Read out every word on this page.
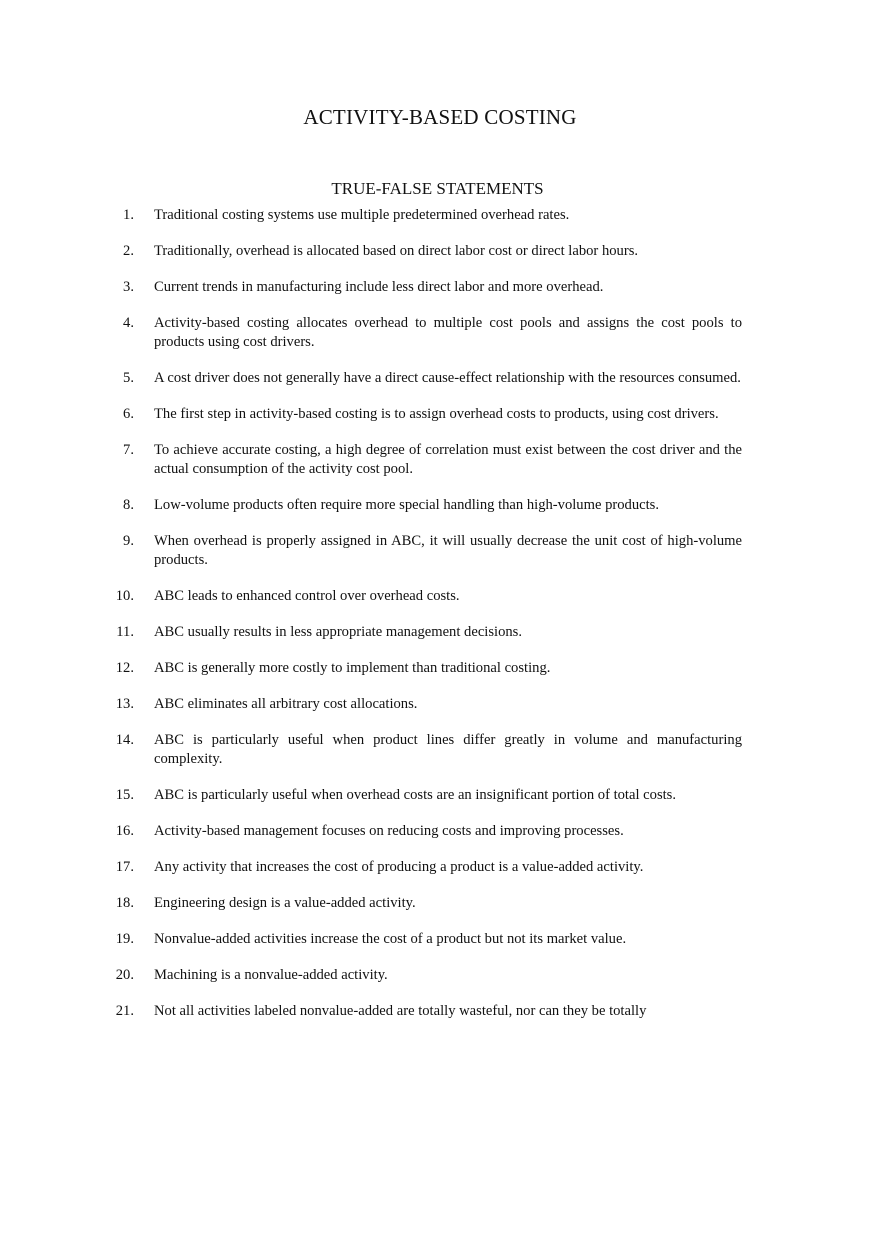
ACTIVITY-BASED COSTING
TRUE-FALSE STATEMENTS
1. Traditional costing systems use multiple predetermined overhead rates.
2. Traditionally, overhead is allocated based on direct labor cost or direct labor hours.
3. Current trends in manufacturing include less direct labor and more overhead.
4. Activity-based costing allocates overhead to multiple cost pools and assigns the cost pools to products using cost drivers.
5. A cost driver does not generally have a direct cause-effect relationship with the resources consumed.
6. The first step in activity-based costing is to assign overhead costs to products, using cost drivers.
7. To achieve accurate costing, a high degree of correlation must exist between the cost driver and the actual consumption of the activity cost pool.
8. Low-volume products often require more special handling than high-volume products.
9. When overhead is properly assigned in ABC, it will usually decrease the unit cost of high-volume products.
10. ABC leads to enhanced control over overhead costs.
11. ABC usually results in less appropriate management decisions.
12. ABC is generally more costly to implement than traditional costing.
13. ABC eliminates all arbitrary cost allocations.
14. ABC is particularly useful when product lines differ greatly in volume and manufacturing complexity.
15. ABC is particularly useful when overhead costs are an insignificant portion of total costs.
16. Activity-based management focuses on reducing costs and improving processes.
17. Any activity that increases the cost of producing a product is a value-added activity.
18. Engineering design is a value-added activity.
19. Nonvalue-added activities increase the cost of a product but not its market value.
20. Machining is a nonvalue-added activity.
21. Not all activities labeled nonvalue-added are totally wasteful, nor can they be totally
